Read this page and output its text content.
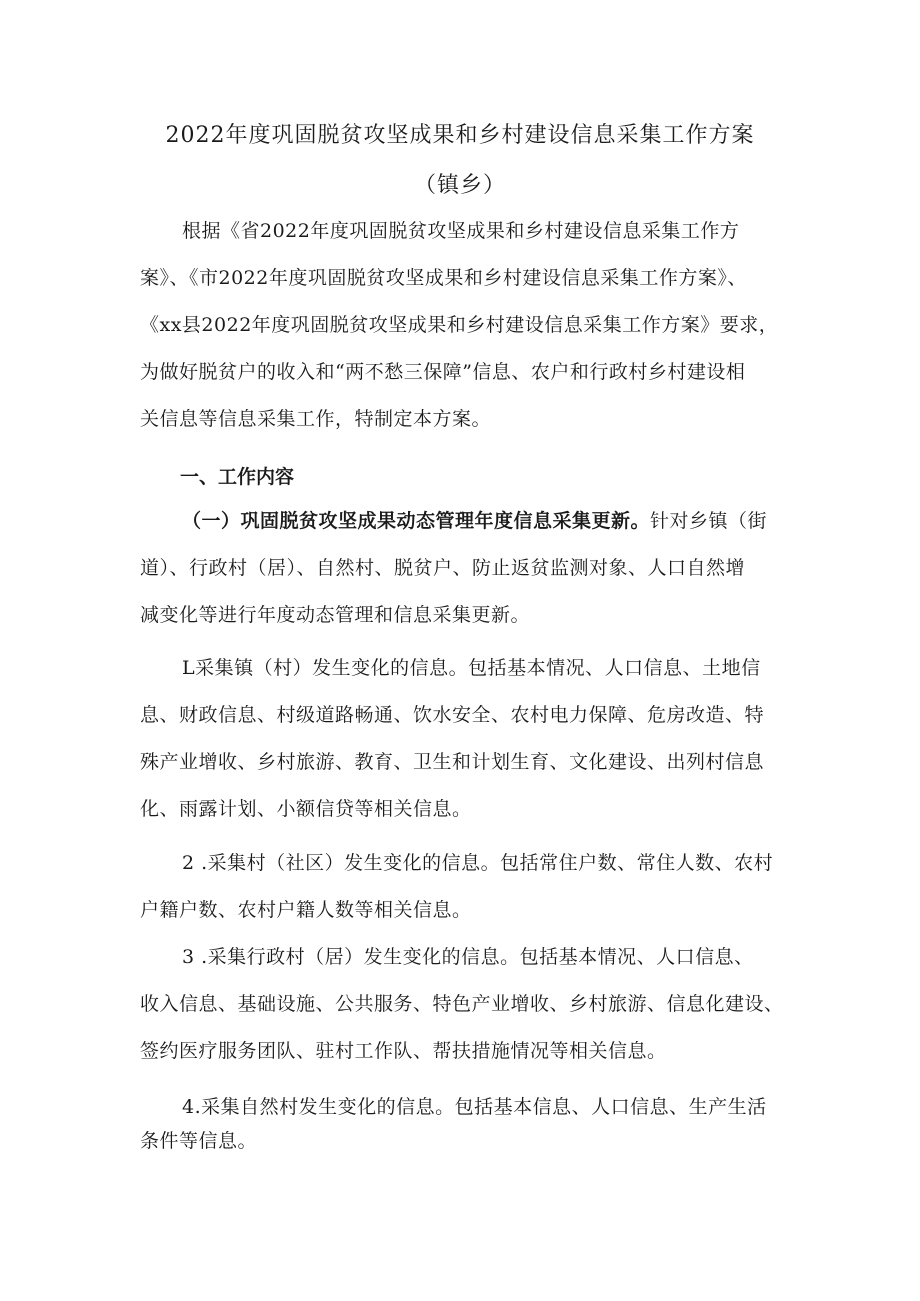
2022年度巩固脱贫攻坚成果和乡村建设信息采集工作方案
（镇乡）
根据《省2022年度巩固脱贫攻坚成果和乡村建设信息采集工作方
案》、《市2022年度巩固脱贫攻坚成果和乡村建设信息采集工作方案》、
《xx县2022年度巩固脱贫攻坚成果和乡村建设信息采集工作方案》要求，
为做好脱贫户的收入和“两不愁三保障”信息、农户和行政村乡村建设相
关信息等信息采集工作，特制定本方案。
一、工作内容
（一）巩固脱贫攻坚成果动态管理年度信息采集更新。针对乡镇（街
道）、行政村（居）、自然村、脱贫户、防止返贫监测对象、人口自然增
减变化等进行年度动态管理和信息采集更新。
L采集镇（村）发生变化的信息。包括基本情况、人口信息、土地信
息、财政信息、村级道路畅通、饮水安全、农村电力保障、危房改造、特
殊产业增收、乡村旅游、教育、卫生和计划生育、文化建设、出列村信息
化、雨露计划、小额信贷等相关信息。
2 .采集村（社区）发生变化的信息。包括常住户数、常住人数、农村
户籍户数、农村户籍人数等相关信息。
3 .采集行政村（居）发生变化的信息。包括基本情况、人口信息、
收入信息、基础设施、公共服务、特色产业增收、乡村旅游、信息化建设、
签约医疗服务团队、驻村工作队、帮扶措施情况等相关信息。
4.采集自然村发生变化的信息。包括基本信息、人口信息、生产生活
条件等信息。
